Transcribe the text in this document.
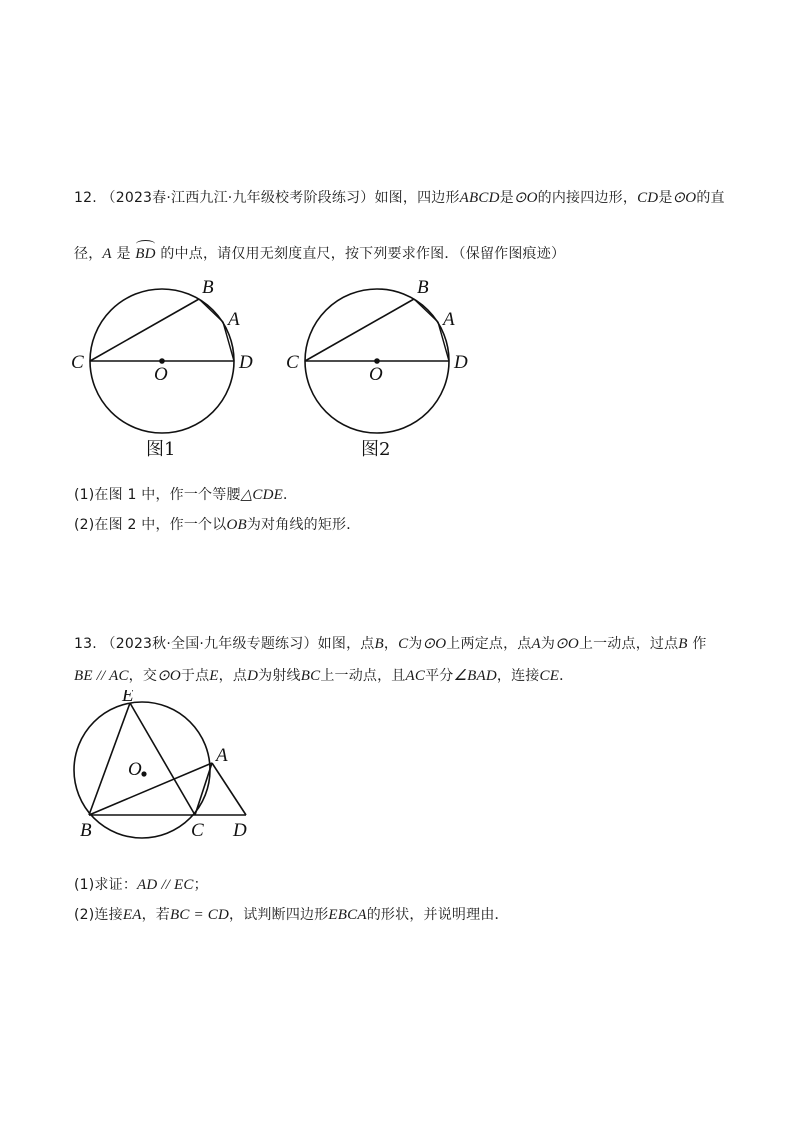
12. （2023春·江西九江·九年级校考阶段练习）如图，四边形ABCD是⊙O的内接四边形，CD是⊙O的直
径，A 是 BD 的中点，请仅用无刻度直尺，按下列要求作图．（保留作图痕迹）
B
A
C
O
D
图1
B
A
C
O
D
图2
(1)在图 1 中，作一个等腰△CDE．
(2)在图 2 中，作一个以OB为对角线的矩形．
13. （2023秋·全国·九年级专题练习）如图，点B，C为⊙O上两定点，点A为⊙O上一动点，过点B 作
BE // AC，交⊙O于点E，点D为射线BC上一动点，且AC平分∠BAD，连接CE．
E
A
O
B	C D
(1)求证：AD // EC；
(2)连接EA，若BC = CD，试判断四边形EBCA的形状，并说明理由．
